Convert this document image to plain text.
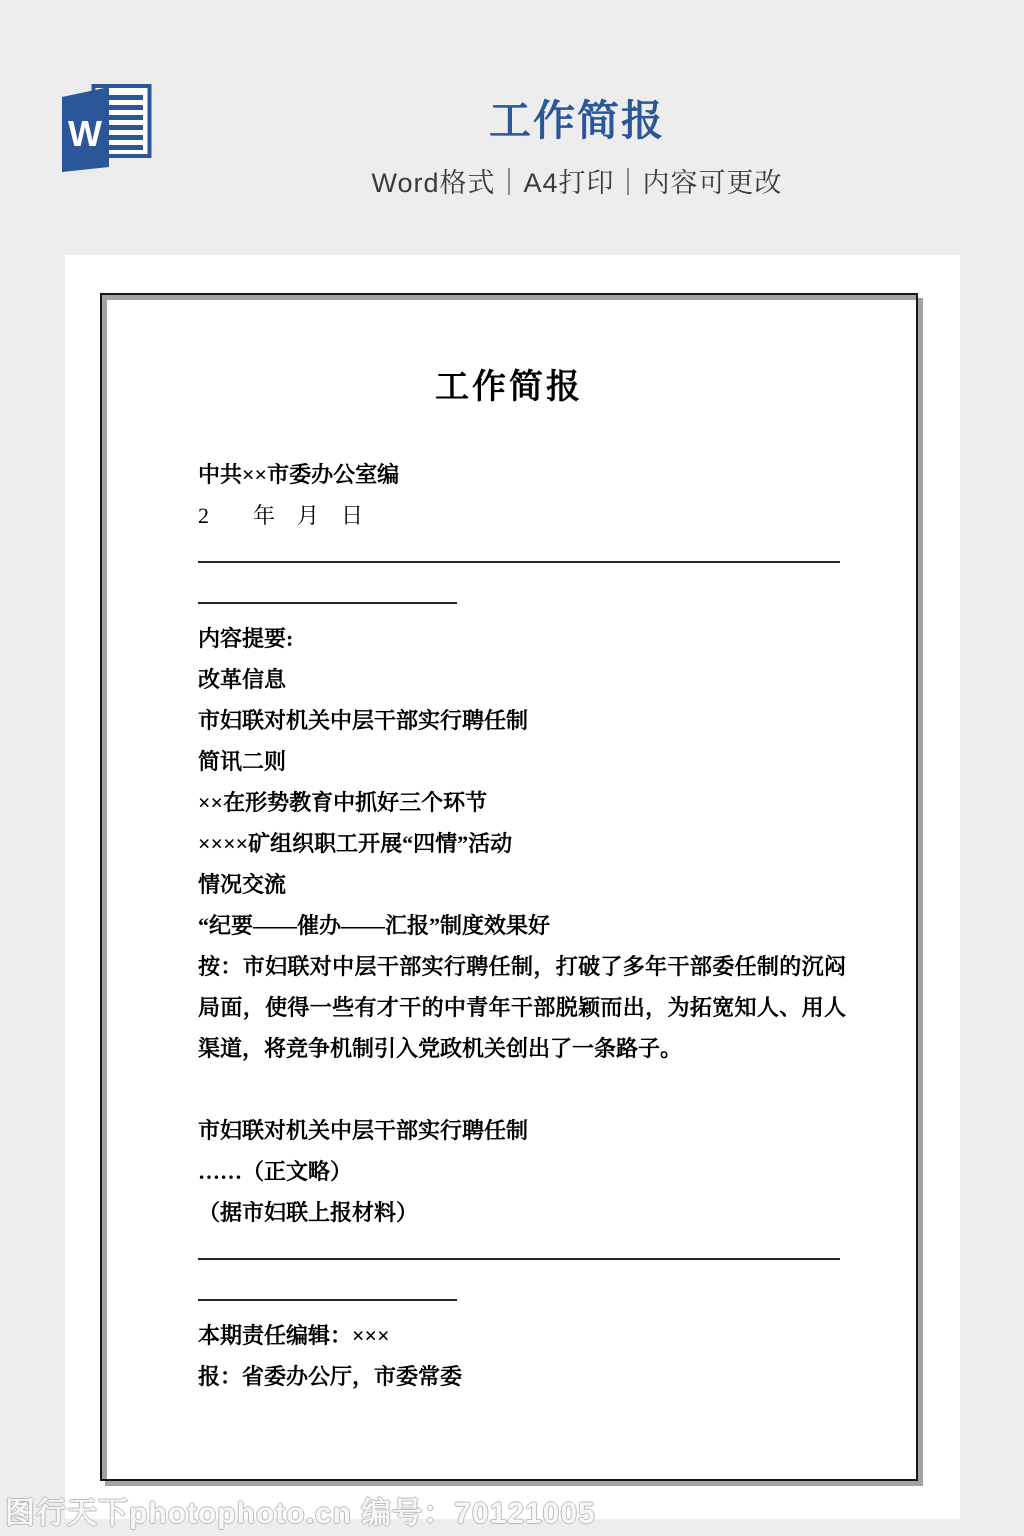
W	工作简报

Word格式｜A4打印｜内容可更改

工作简报
中共××市委办公室编
2　　年　月　日
内容提要:
改革信息
市妇联对机关中层干部实行聘任制
简讯二则
××在形势教育中抓好三个环节
××××矿组织职工开展“四情”活动
情况交流
“纪要——催办——汇报”制度效果好
按：市妇联对中层干部实行聘任制，打破了多年干部委任制的沉闷局面，使得一些有才干的中青年干部脱颖而出，为拓宽知人、用人渠道，将竞争机制引入党政机关创出了一条路子。
市妇联对机关中层干部实行聘任制
……（正文略）
（据市妇联上报材料）
本期责任编辑：×××
报：省委办公厅，市委常委
图行天下photophoto.cn 编号：70121005
